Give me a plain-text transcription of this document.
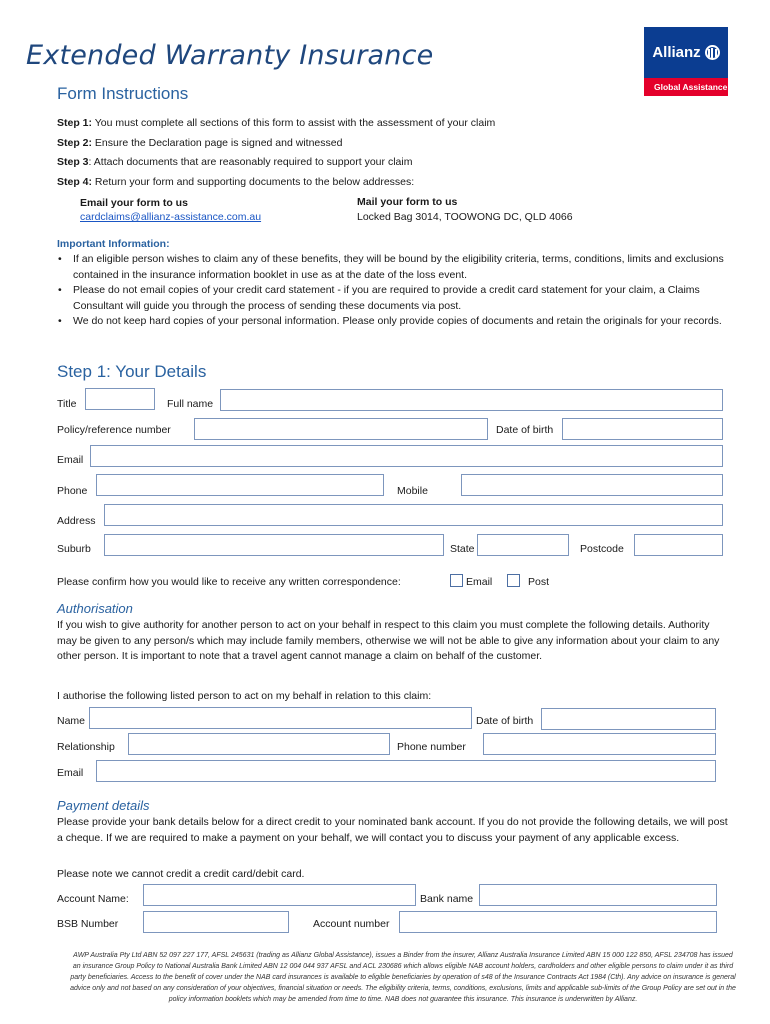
Extended Warranty Insurance	Allianz
Global Assistance
Form Instructions
Step 1: You must complete all sections of this form to assist with the assessment of your claim
Step 2: Ensure the Declaration page is signed and witnessed
Step 3: Attach documents that are reasonably required to support your claim
Step 4: Return your form and supporting documents to the below addresses:
Email your form to us
cardclaims@allianz-assistance.com.au
Mail your form to us
Locked Bag 3014, TOOWONG DC, QLD 4066
Important Information:
• If an eligible person wishes to claim any of these benefits, they will be bound by the eligibility criteria, terms, conditions, limits and exclusions contained in the insurance information booklet in use as at the date of the loss event.
• Please do not email copies of your credit card statement - if you are required to provide a credit card statement for your claim, a Claims Consultant will guide you through the process of sending these documents via post.
• We do not keep hard copies of your personal information. Please only provide copies of documents and retain the originals for your records.
Step 1: Your Details
Title	Full name
Policy/reference number	Date of birth
Email
Phone	Mobile
Address
Suburb	State	Postcode
Please confirm how you would like to receive any written correspondence:	Email	Post
Authorisation
If you wish to give authority for another person to act on your behalf in respect to this claim you must complete the following details. Authority may be given to any person/s which may include family members, otherwise we will not be able to give any information about your claim to any other person. It is important to note that a travel agent cannot manage a claim on behalf of the customer.
I authorise the following listed person to act on my behalf in relation to this claim:
Name	Date of birth
Relationship	Phone number
Email
Payment details
Please provide your bank details below for a direct credit to your nominated bank account. If you do not provide the following details, we will post a cheque. If we are required to make a payment on your behalf, we will contact you to discuss your payment of any applicable excess.
Please note we cannot credit a credit card/debit card.
Account Name:	Bank name
BSB Number	Account number
AWP Australia Pty Ltd ABN 52 097 227 177, AFSL 245631 (trading as Allianz Global Assistance), issues a Binder from the insurer, Allianz Australia Insurance Limited ABN 15 000 122 850, AFSL 234708 has issued an insurance Group Policy to National Australia Bank Limited ABN 12 004 044 937 AFSL and ACL 230686 which allows eligible NAB account holders, cardholders and other eligible persons to claim under it as third party beneficiaries. Access to the benefit of cover under the NAB card insurances is available to eligible beneficiaries by operation of s48 of the Insurance Contracts Act 1984 (Cth). Any advice on insurance is general advice only and not based on any consideration of your objectives, financial situation or needs. The eligibility criteria, terms, conditions, exclusions, limits and applicable sub-limits of the Group Policy are set out in the policy information booklets which may be amended from time to time. NAB does not guarantee this insurance. This insurance is underwritten by Allianz.
